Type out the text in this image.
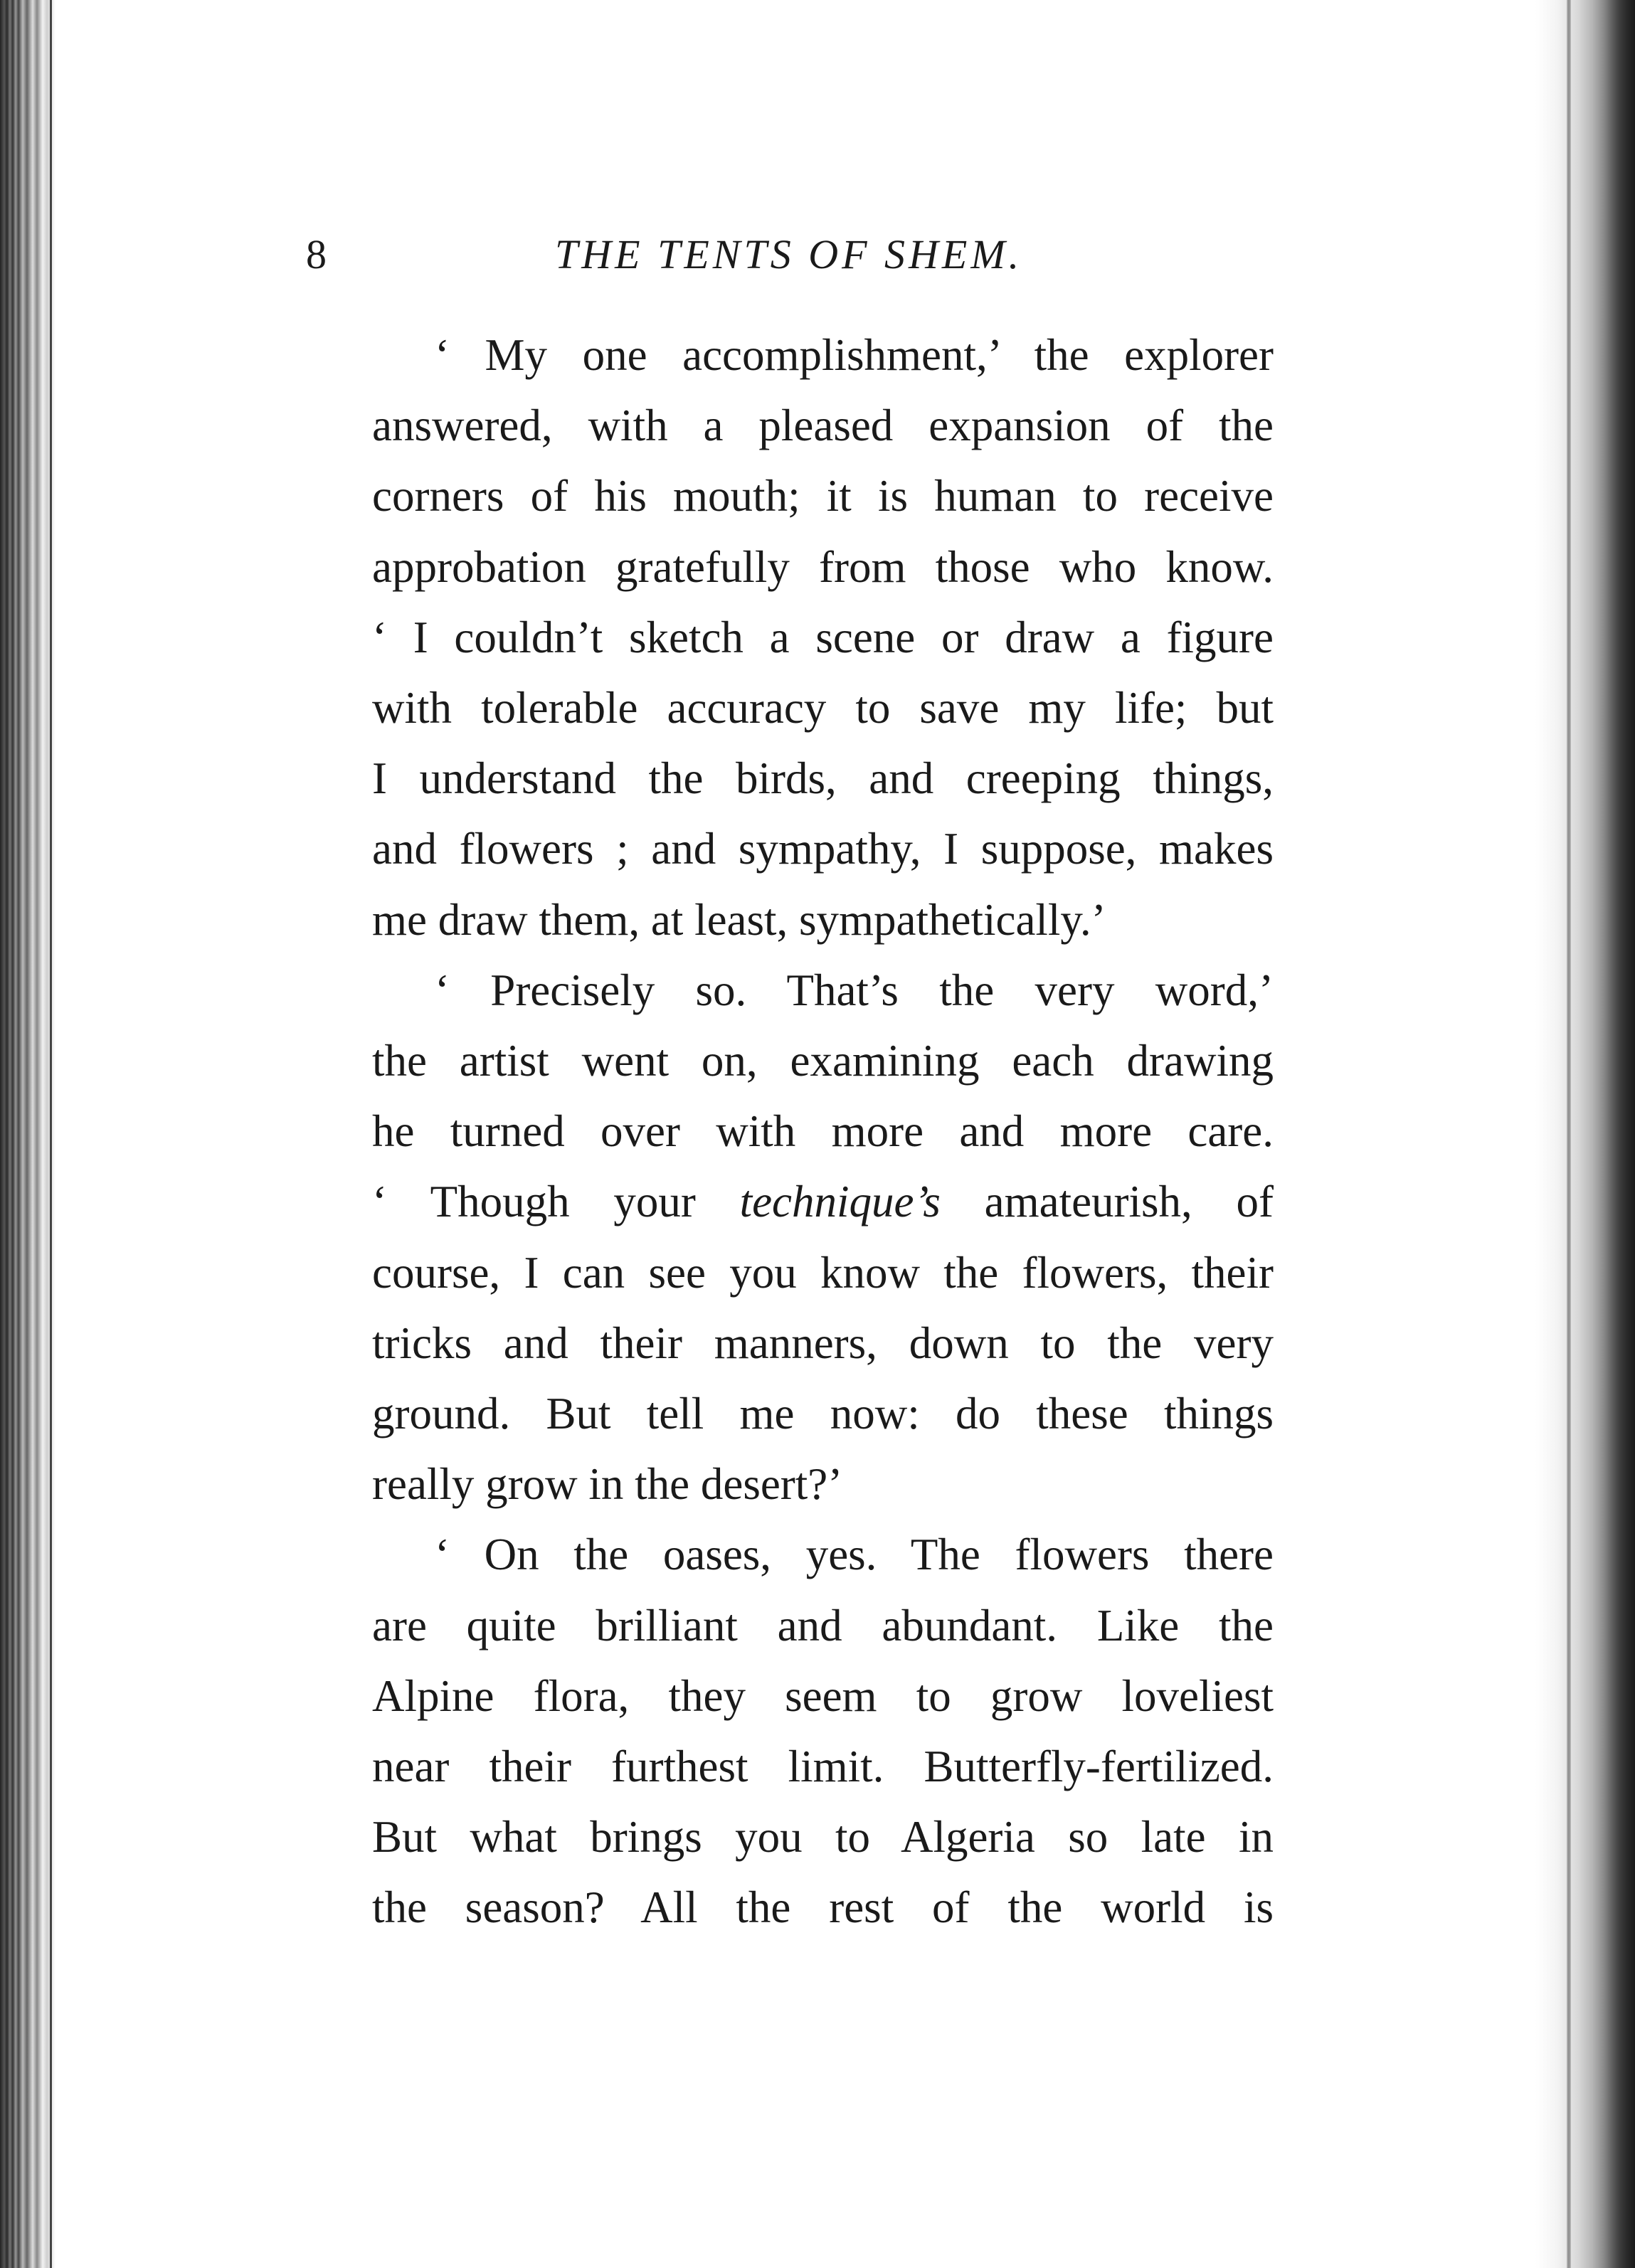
8	THE TENTS OF SHEM.
‘ My one accomplishment,’ the explorer
answered, with a pleased expansion of the
corners of his mouth; it is human to receive
approbation gratefully from those who know.
‘ I couldn’t sketch a scene or draw a figure
with tolerable accuracy to save my life; but
I understand the birds, and creeping things,
and flowers ; and sympathy, I suppose, makes
me draw them, at least, sympathetically.’
‘ Precisely so. That’s the very word,’
the artist went on, examining each drawing
he turned over with more and more care.
‘ Though your technique’s amateurish, of
course, I can see you know the flowers, their
tricks and their manners, down to the very
ground. But tell me now: do these things
really grow in the desert?’
‘ On the oases, yes. The flowers there
are quite brilliant and abundant. Like the
Alpine flora, they seem to grow loveliest
near their furthest limit. Butterfly-fertilized.
But what brings you to Algeria so late in
the season? All the rest of the world is
